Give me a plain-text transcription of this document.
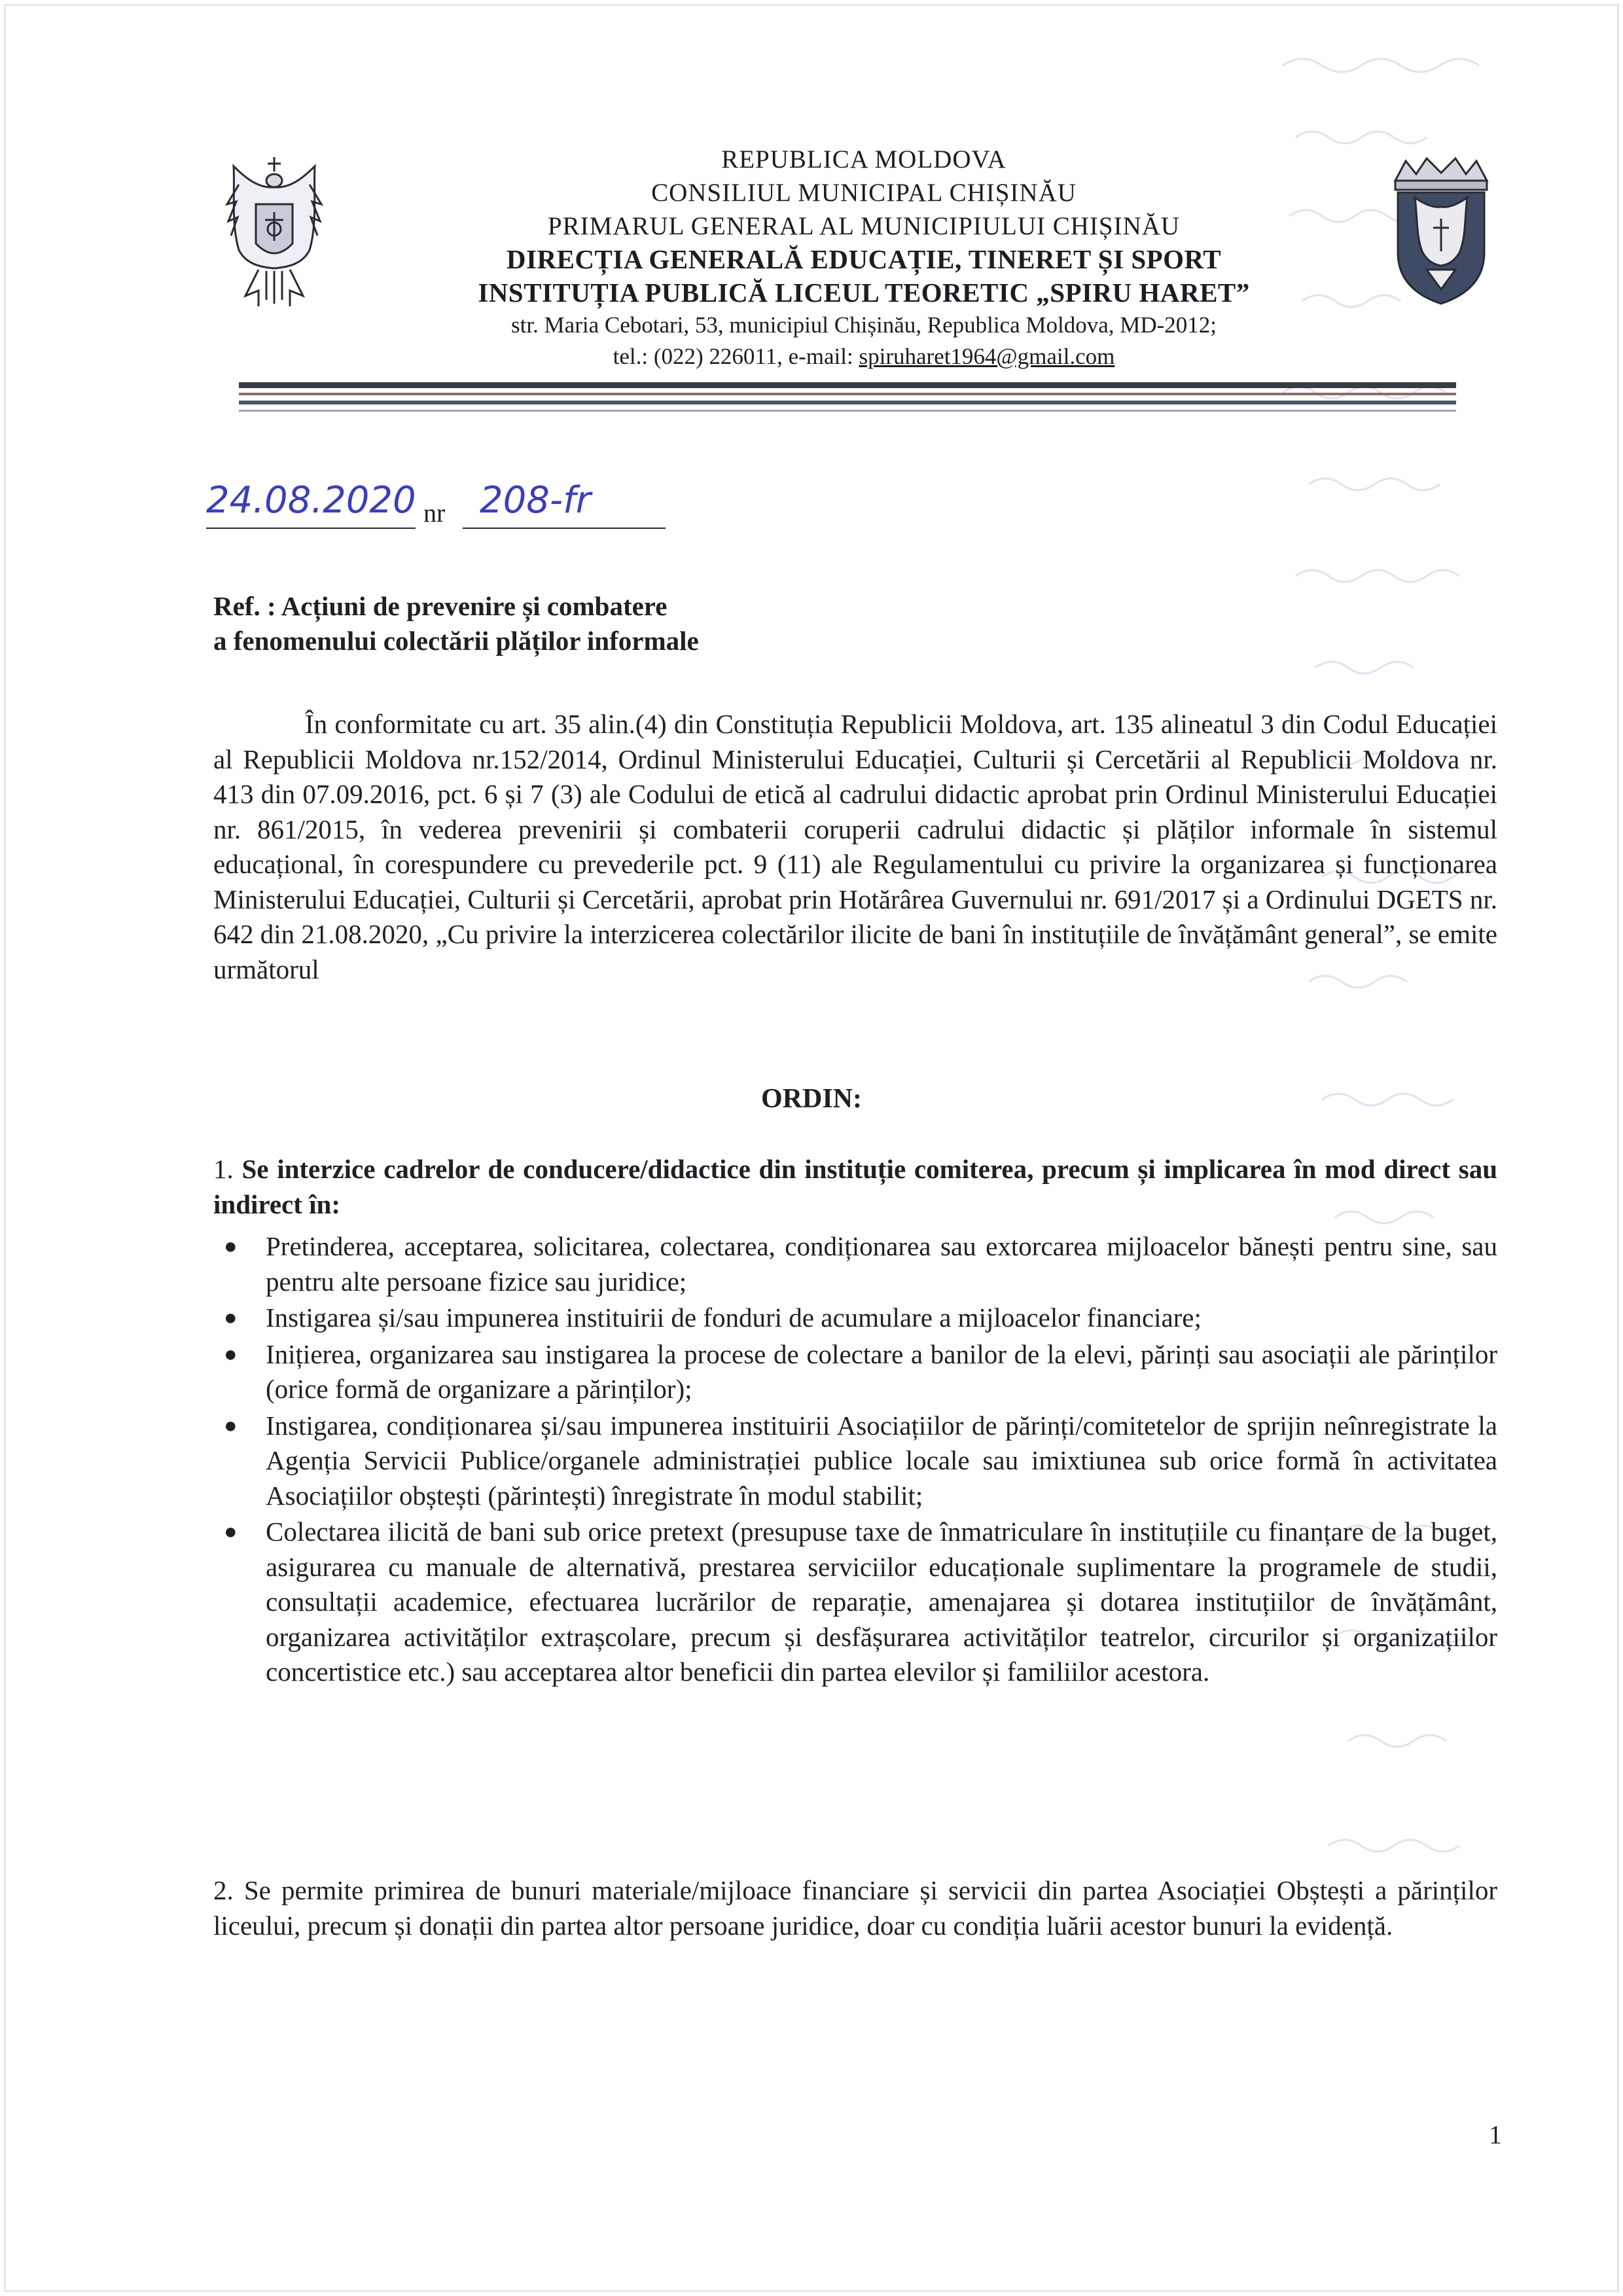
REPUBLICA MOLDOVA
CONSILIUL MUNICIPAL CHIȘINĂU
PRIMARUL GENERAL AL MUNICIPIULUI CHIȘINĂU
DIRECȚIA GENERALĂ EDUCAȚIE, TINERET ȘI SPORT
INSTITUȚIA PUBLICĂ LICEUL TEORETIC „SPIRU HARET”
str. Maria Cebotari, 53, municipiul Chișinău, Republica Moldova, MD-2012;
tel.: (022) 226011, e-mail: spiruharet1964@gmail.com
24.08.2020 nr 208-fr
Ref. : Acțiuni de prevenire și combatere
a fenomenului colectării plăților informale
În conformitate cu art. 35 alin.(4) din Constituția Republicii Moldova, art. 135 alineatul 3 din Codul Educației al Republicii Moldova nr.152/2014, Ordinul Ministerului Educației, Culturii și Cercetării al Republicii Moldova nr. 413 din 07.09.2016, pct. 6 și 7 (3) ale Codului de etică al cadrului didactic aprobat prin Ordinul Ministerului Educației nr. 861/2015, în vederea prevenirii și combaterii coruperii cadrului didactic și plăților informale în sistemul educațional, în corespundere cu prevederile pct. 9 (11) ale Regulamentului cu privire la organizarea și funcționarea Ministerului Educației, Culturii și Cercetării, aprobat prin Hotărârea Guvernului nr. 691/2017 și a Ordinului DGETS nr. 642 din 21.08.2020, „Cu privire la interzicerea colectărilor ilicite de bani în instituțiile de învățământ general”, se emite următorul
ORDIN:
1. Se interzice cadrelor de conducere/didactice din instituție comiterea, precum și implicarea în mod direct sau indirect în:
● Pretinderea, acceptarea, solicitarea, colectarea, condiționarea sau extorcarea mijloacelor bănești pentru sine, sau pentru alte persoane fizice sau juridice;
● Instigarea și/sau impunerea instituirii de fonduri de acumulare a mijloacelor financiare;
● Inițierea, organizarea sau instigarea la procese de colectare a banilor de la elevi, părinți sau asociații ale părinților (orice formă de organizare a părinților);
● Instigarea, condiționarea și/sau impunerea instituirii Asociațiilor de părinți/comitetelor de sprijin neînregistrate la Agenția Servicii Publice/organele administrației publice locale sau imixtiunea sub orice formă în activitatea Asociațiilor obștești (părintești) înregistrate în modul stabilit;
● Colectarea ilicită de bani sub orice pretext (presupuse taxe de înmatriculare în instituțiile cu finanțare de la buget, asigurarea cu manuale de alternativă, prestarea serviciilor educaționale suplimentare la programele de studii, consultații academice, efectuarea lucrărilor de reparație, amenajarea și dotarea instituțiilor de învățământ, organizarea activităților extrașcolare, precum și desfășurarea activităților teatrelor, circurilor și organizațiilor concertistice etc.) sau acceptarea altor beneficii din partea elevilor și familiilor acestora.
2. Se permite primirea de bunuri materiale/mijloace financiare și servicii din partea Asociației Obștești a părinților liceului, precum și donații din partea altor persoane juridice, doar cu condiția luării acestor bunuri la evidență.
1
